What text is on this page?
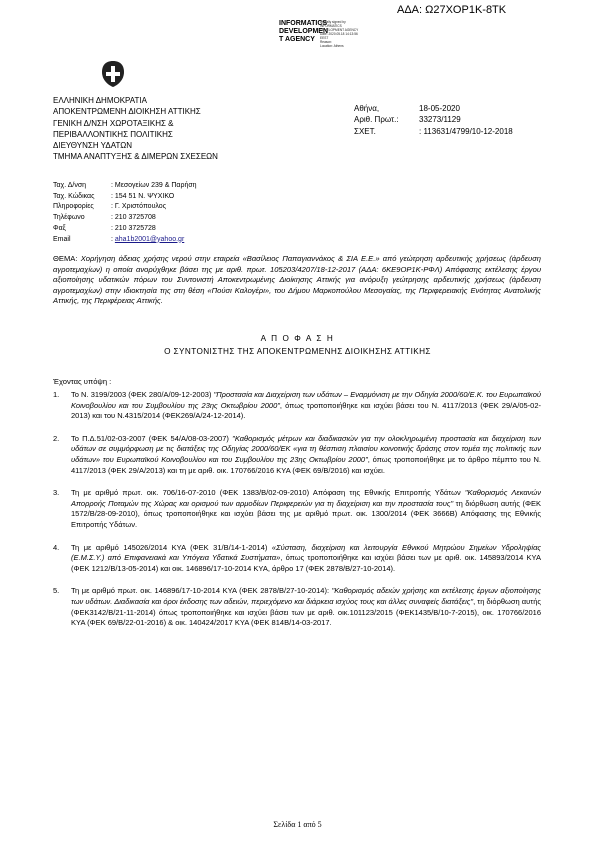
ΑΔΑ: Ω27ΧΟΡ1Κ-8ΤΚ
INFORMATICS
DEVELOPMEN
T AGENCY
Digitally signed by
INFORMATICS
DEVELOPMENT AGENCY
Date: 2020.05.18 14:13:56
EEST
Reason:
Location: Athens
ΕΛΛΗΝΙΚΗ ΔΗΜΟΚΡΑΤΙΑ
ΑΠΟΚΕΝΤΡΩΜΕΝΗ ΔΙΟΙΚΗΣΗ ΑΤΤΙΚΗΣ
ΓΕΝΙΚΗ Δ/ΝΣΗ ΧΩΡΟΤΑΞΙΚΗΣ &
ΠΕΡΙΒΑΛΛΟΝΤΙΚΗΣ ΠΟΛΙΤΙΚΗΣ
ΔΙΕΥΘΥΝΣΗ ΥΔΑΤΩΝ
ΤΜΗΜΑ ΑΝΑΠΤΥΞΗΣ & ΔΙΜΕΡΩΝ ΣΧΕΣΕΩΝ
Αθήνα,	18-05-2020
Αριθ. Πρωτ.:	33273/1129
ΣΧΕΤ.	: 113631/4799/10-12-2018
Ταχ. Δ/νση	: Μεσογείων 239 & Παρήση
Ταχ. Κώδικας : 154 51 Ν. ΨΥΧΙΚΟ
Πληροφορίες : Γ. Χριστόπουλος
Τηλέφωνο	: 210 3725708
Φαξ	: 210 3725728
Email	: aha1b2001@yahoo.gr
ΘΕΜΑ: Χορήγηση άδειας χρήσης νερού στην εταιρεία «Βασίλειος Παπαγιαννάκος & ΣΙΑ Ε.Ε.» από γεώτρηση αρδευτικής χρήσεως (άρδευση αγροτεμαχίων) η οποία ανορύχθηκε βάσει της με αριθ. πρωτ. 105203/4207/18-12-2017 (ΑΔΑ: 6ΚΕ9ΟΡ1Κ-ΡΦΛ) Απόφασης εκτέλεσης έργου αξιοποίησης υδατικών πόρων του Συντονιστή Αποκεντρωμένης Διοίκησης Αττικής για ανόρυξη γεώτρησης αρδευτικής χρήσεως (άρδευση αγροτεμαχίων) στην ιδιοκτησία της στη θέση «Πούσι Καλογέρι», του Δήμου Μαρκοπούλου Μεσογαίας, της Περιφερειακής Ενότητας Ανατολικής Αττικής, της Περιφέρειας Αττικής.
Α Π Ο Φ Α Σ Η
Ο ΣΥΝΤΟΝΙΣΤΗΣ ΤΗΣ ΑΠΟΚΕΝΤΡΩΜΕΝΗΣ ΔΙΟΙΚΗΣΗΣ ΑΤΤΙΚΗΣ
Έχοντας υπόψη :
1. Το Ν. 3199/2003 (ΦΕΚ 280/Α/09-12-2003) "Προστασία και Διαχείριση των υδάτων – Εναρμόνιση με την Οδηγία 2000/60/Ε.Κ. του Ευρωπαϊκού Κοινοβουλίου και του Συμβουλίου της 23ης Οκτωβρίου 2000", όπως τροποποιήθηκε και ισχύει βάσει του Ν. 4117/2013 (ΦΕΚ 29/Α/05-02-2013) και του Ν.4315/2014 (ΦΕΚ269/Α/24-12-2014).
2. Το Π.Δ.51/02-03-2007 (ΦΕΚ 54/Α/08-03-2007) "Καθορισμός μέτρων και διαδικασιών για την ολοκληρωμένη προστασία και διαχείριση των υδάτων σε συμμόρφωση με τις διατάξεις της Οδηγίας 2000/60/ΕΚ «για τη θέσπιση πλαισίου κοινοτικής δράσης στον τομέα της πολιτικής των υδάτων» του Ευρωπαϊκού Κοινοβουλίου και του Συμβουλίου της 23ης Οκτωβρίου 2000", όπως τροποποιήθηκε με το άρθρο πέμπτο του Ν. 4117/2013 (ΦΕΚ 29/Α/2013) και τη με αριθ. οικ. 170766/2016 ΚΥΑ (ΦΕΚ 69/Β/2016) και ισχύει.
3. Τη με αριθμό πρωτ. οικ. 706/16-07-2010 (ΦΕΚ 1383/Β/02-09-2010) Απόφαση της Εθνικής Επιτροπής Υδάτων "Καθορισμός Λεκανών Απορροής Ποταμών της Χώρας και ορισμού των αρμοδίων Περιφερειών για τη διαχείριση και την προστασία τους" τη διόρθωση αυτής (ΦΕΚ 1572/Β/28-09-2010), όπως τροποποιήθηκε και ισχύει βάσει της με αριθμό πρωτ. οικ. 1300/2014 (ΦΕΚ 3666Β) Απόφασης της Εθνικής Επιτροπής Υδάτων.
4. Τη με αριθμό 145026/2014 ΚΥΑ (ΦΕΚ 31/Β/14-1-2014) «Σύσταση, διαχείριση και λειτουργία Εθνικού Μητρώου Σημείων Υδροληψίας (Ε.Μ.Σ.Υ.) από Επιφανειακά και Υπόγεια Υδατικά Συστήματα», όπως τροποποιήθηκε και ισχύει βάσει των με αριθ. οικ. 145893/2014 ΚΥΑ (ΦΕΚ 1212/Β/13-05-2014) και οικ. 146896/17-10-2014 ΚΥΑ, άρθρο 17 (ΦΕΚ 2878/Β/27-10-2014).
5. Τη με αριθμό πρωτ. οικ. 146896/17-10-2014 ΚΥΑ (ΦΕΚ 2878/Β/27-10-2014): "Καθορισμός αδειών χρήσης και εκτέλεσης έργων αξιοποίησης των υδάτων. Διαδικασία και όροι έκδοσης των αδειών, περιεχόμενο και διάρκεια ισχύος τους και άλλες συναφείς διατάξεις", τη διόρθωση αυτής (ΦΕΚ3142/Β/21-11-2014) όπως τροποποιήθηκε και ισχύει βάσει των με αριθ. οικ.101123/2015 (ΦΕΚ1435/Β/10-7-2015), οικ. 170766/2016 ΚΥΑ (ΦΕΚ 69/Β/22-01-2016) & οικ. 140424/2017 ΚΥΑ (ΦΕΚ 814Β/14-03-2017.
Σελίδα 1 από 5
